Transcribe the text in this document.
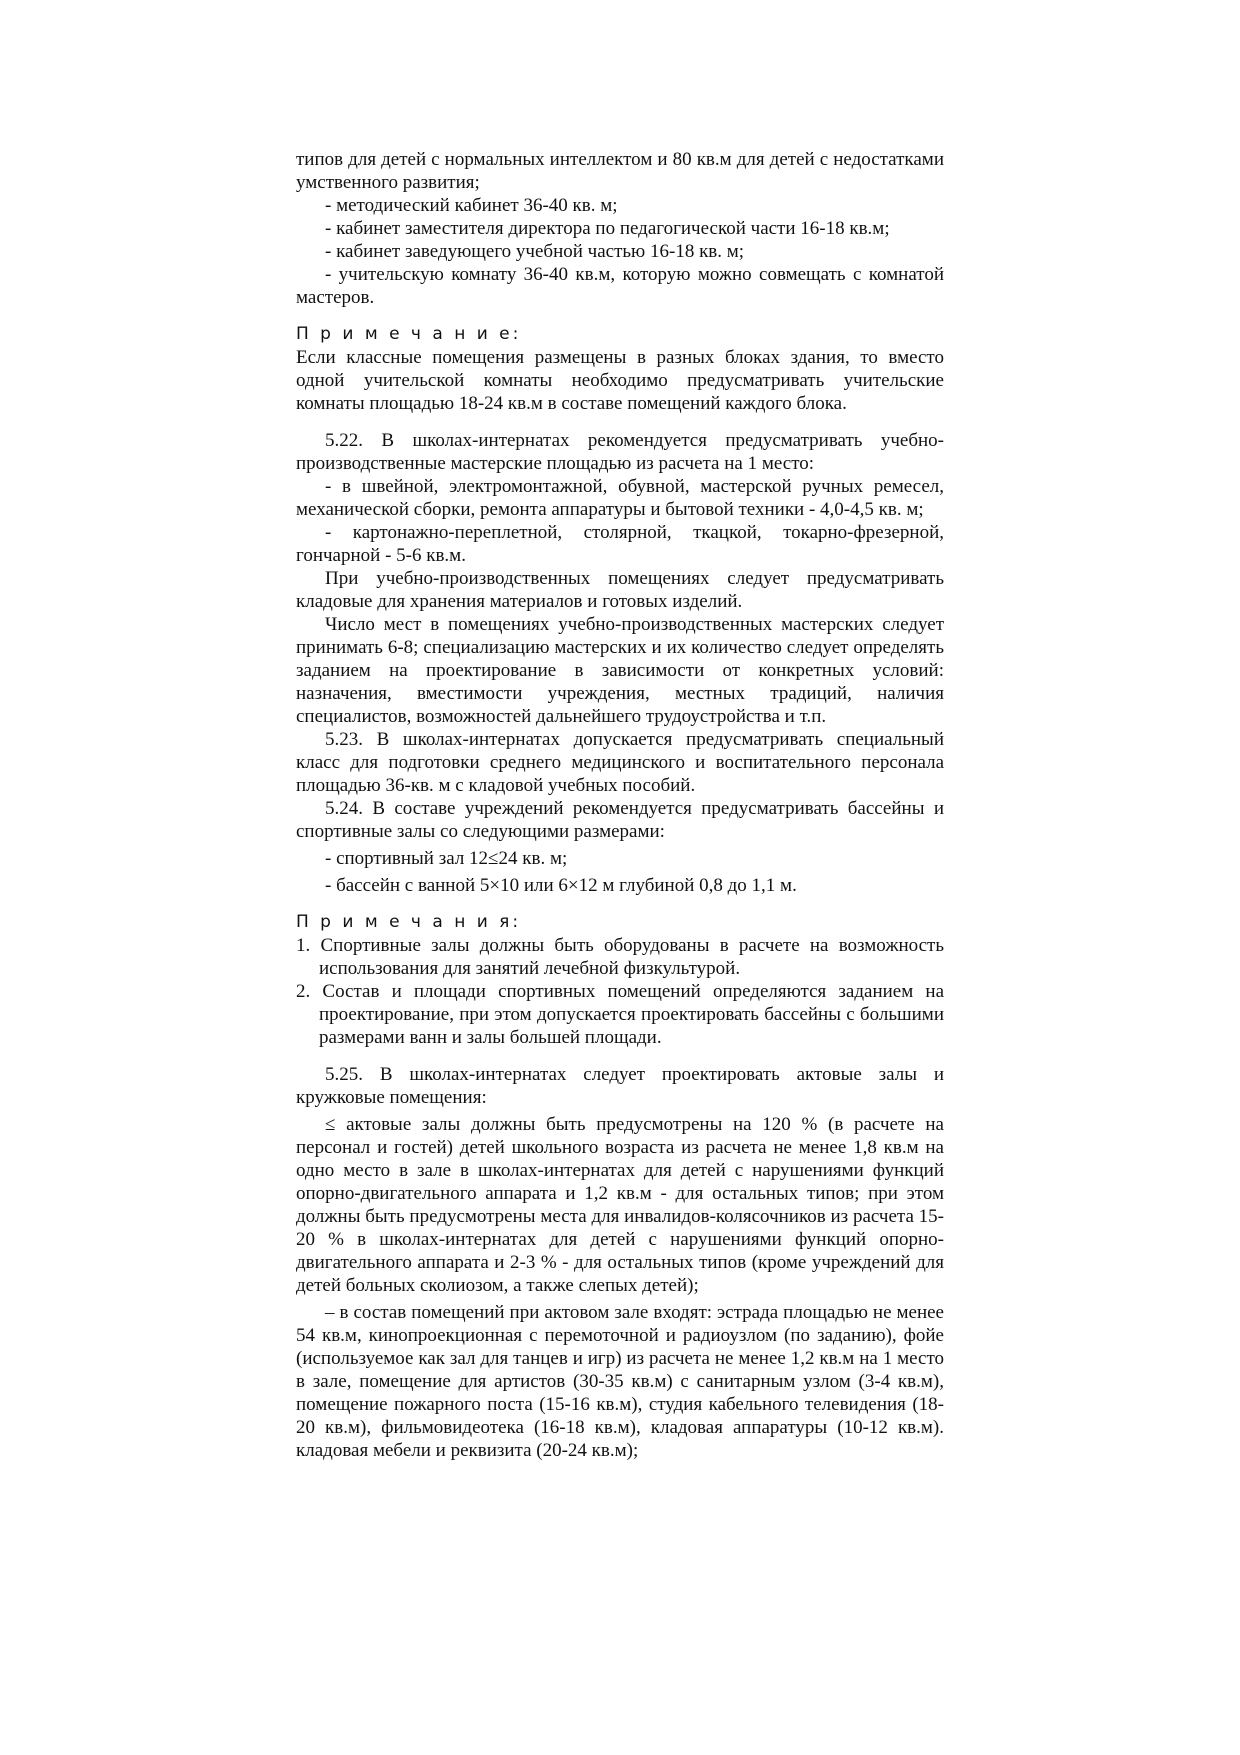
типов для детей с нормальных интеллектом и 80 кв.м для детей с недостатками умственного развития;

- методический кабинет 36-40 кв. м;

- кабинет заместителя директора по педагогической части 16-18 кв.м;

- кабинет заведующего учебной частью 16-18 кв. м;

- учительскую комнату 36-40 кв.м, которую можно совмещать с комнатой мастеров.

П р и м е ч а н и е:

Если классные помещения размещены в разных блоках здания, то вместо одной учительской комнаты необходимо предусматривать учительские комнаты площадью 18-24 кв.м в составе помещений каждого блока.

5.22. В школах-интернатах рекомендуется предусматривать учебно-производственные мастерские площадью из расчета на 1 место:

- в швейной, электромонтажной, обувной, мастерской ручных ремесел, механической сборки, ремонта аппаратуры и бытовой техники - 4,0-4,5 кв. м;

- картонажно-переплетной, столярной, ткацкой, токарно-фрезерной, гончарной - 5-6 кв.м.

При учебно-производственных помещениях следует предусматривать кладовые для хранения материалов и готовых изделий.

Число мест в помещениях учебно-производственных мастерских следует принимать 6-8; специализацию мастерских и их количество следует определять заданием на проектирование в зависимости от конкретных условий: назначения, вместимости учреждения, местных традиций, наличия специалистов, возможностей дальнейшего трудоустройства и т.п.

5.23. В школах-интернатах допускается предусматривать специальный класс для подготовки среднего медицинского и воспитательного персонала площадью 36-кв. м с кладовой учебных пособий.

5.24. В составе учреждений рекомендуется предусматривать бассейны и спортивные залы со следующими размерами:

- спортивный зал 12≤24 кв. м;

- бассейн с ванной 5×10 или 6×12 м глубиной 0,8 до 1,1 м.

П р и м е ч а н и я:

1. Спортивные залы должны быть оборудованы в расчете на возможность использования для занятий лечебной физкультурой.

2. Состав и площади спортивных помещений определяются заданием на проектирование, при этом допускается проектировать бассейны с большими размерами ванн и залы большей площади.

5.25. В школах-интернатах следует проектировать актовые залы и кружковые помещения:

≤ актовые залы должны быть предусмотрены на 120 % (в расчете на персонал и гостей) детей школьного возраста из расчета не менее 1,8 кв.м на одно место в зале в школах-интернатах для детей с нарушениями функций опорно-двигательного аппарата и 1,2 кв.м - для остальных типов; при этом должны быть предусмотрены места для инвалидов-колясочников из расчета 15-20 % в школах-интернатах для детей с нарушениями функций опорно-двигательного аппарата и 2-3 % - для остальных типов (кроме учреждений для детей больных сколиозом, а также слепых детей);

– в состав помещений при актовом зале входят: эстрада площадью не менее 54 кв.м, кинопроекционная с перемоточной и радиоузлом (по заданию), фойе (используемое как зал для танцев и игр) из расчета не менее 1,2 кв.м на 1 место в зале, помещение для артистов (30-35 кв.м) с санитарным узлом (3-4 кв.м), помещение пожарного поста (15-16 кв.м), студия кабельного телевидения (18-20 кв.м), фильмовидеотека (16-18 кв.м), кладовая аппаратуры (10-12 кв.м). кладовая мебели и реквизита (20-24 кв.м);
